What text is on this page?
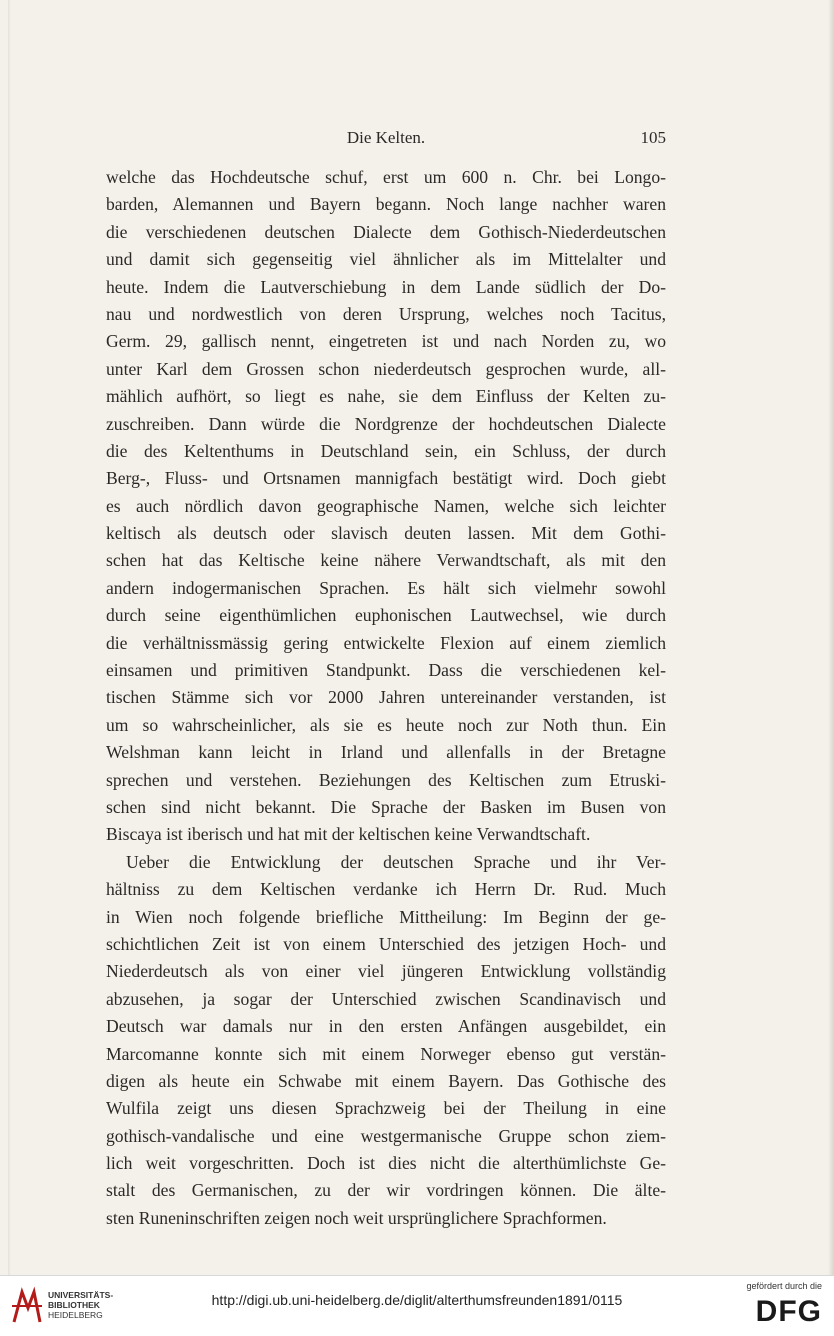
Die Kelten.	105
welche das Hochdeutsche schuf, erst um 600 n. Chr. bei Longo-
barden, Alemannen und Bayern begann. Noch lange nachher waren
die verschiedenen deutschen Dialecte dem Gothisch-Niederdeutschen
und damit sich gegenseitig viel ähnlicher als im Mittelalter und
heute. Indem die Lautverschiebung in dem Lande südlich der Do-
nau und nordwestlich von deren Ursprung, welches noch Tacitus,
Germ. 29, gallisch nennt, eingetreten ist und nach Norden zu, wo
unter Karl dem Grossen schon niederdeutsch gesprochen wurde, all-
mählich aufhört, so liegt es nahe, sie dem Einfluss der Kelten zu-
zuschreiben. Dann würde die Nordgrenze der hochdeutschen Dialecte
die des Keltenthums in Deutschland sein, ein Schluss, der durch
Berg-, Fluss- und Ortsnamen mannigfach bestätigt wird. Doch giebt
es auch nördlich davon geographische Namen, welche sich leichter
keltisch als deutsch oder slavisch deuten lassen. Mit dem Gothi-
schen hat das Keltische keine nähere Verwandtschaft, als mit den
andern indogermanischen Sprachen. Es hält sich vielmehr sowohl
durch seine eigenthümlichen euphonischen Lautwechsel, wie durch
die verhältnissmässig gering entwickelte Flexion auf einem ziemlich
einsamen und primitiven Standpunkt. Dass die verschiedenen kel-
tischen Stämme sich vor 2000 Jahren untereinander verstanden, ist
um so wahrscheinlicher, als sie es heute noch zur Noth thun. Ein
Welshman kann leicht in Irland und allenfalls in der Bretagne
sprechen und verstehen. Beziehungen des Keltischen zum Etruski-
schen sind nicht bekannt. Die Sprache der Basken im Busen von
Biscaya ist iberisch und hat mit der keltischen keine Verwandtschaft.
Ueber die Entwicklung der deutschen Sprache und ihr Ver-
hältniss zu dem Keltischen verdanke ich Herrn Dr. Rud. Much
in Wien noch folgende briefliche Mittheilung: Im Beginn der ge-
schichtlichen Zeit ist von einem Unterschied des jetzigen Hoch- und
Niederdeutsch als von einer viel jüngeren Entwicklung vollständig
abzusehen, ja sogar der Unterschied zwischen Scandinavisch und
Deutsch war damals nur in den ersten Anfängen ausgebildet, ein
Marcomanne konnte sich mit einem Norweger ebenso gut verstän-
digen als heute ein Schwabe mit einem Bayern. Das Gothische des
Wulfila zeigt uns diesen Sprachzweig bei der Theilung in eine
gothisch-vandalische und eine westgermanische Gruppe schon ziem-
lich weit vorgeschritten. Doch ist dies nicht die alterthümlichste Ge-
stalt des Germanischen, zu der wir vordringen können. Die älte-
sten Runeninschriften zeigen noch weit ursprünglichere Sprachformen.
UNIVERSITÄTS-
BIBLIOTHEK
HEIDELBERG
http://digi.ub.uni-heidelberg.de/diglit/alterthumsfreunden1891/0115
gefördert durch die
DFG
